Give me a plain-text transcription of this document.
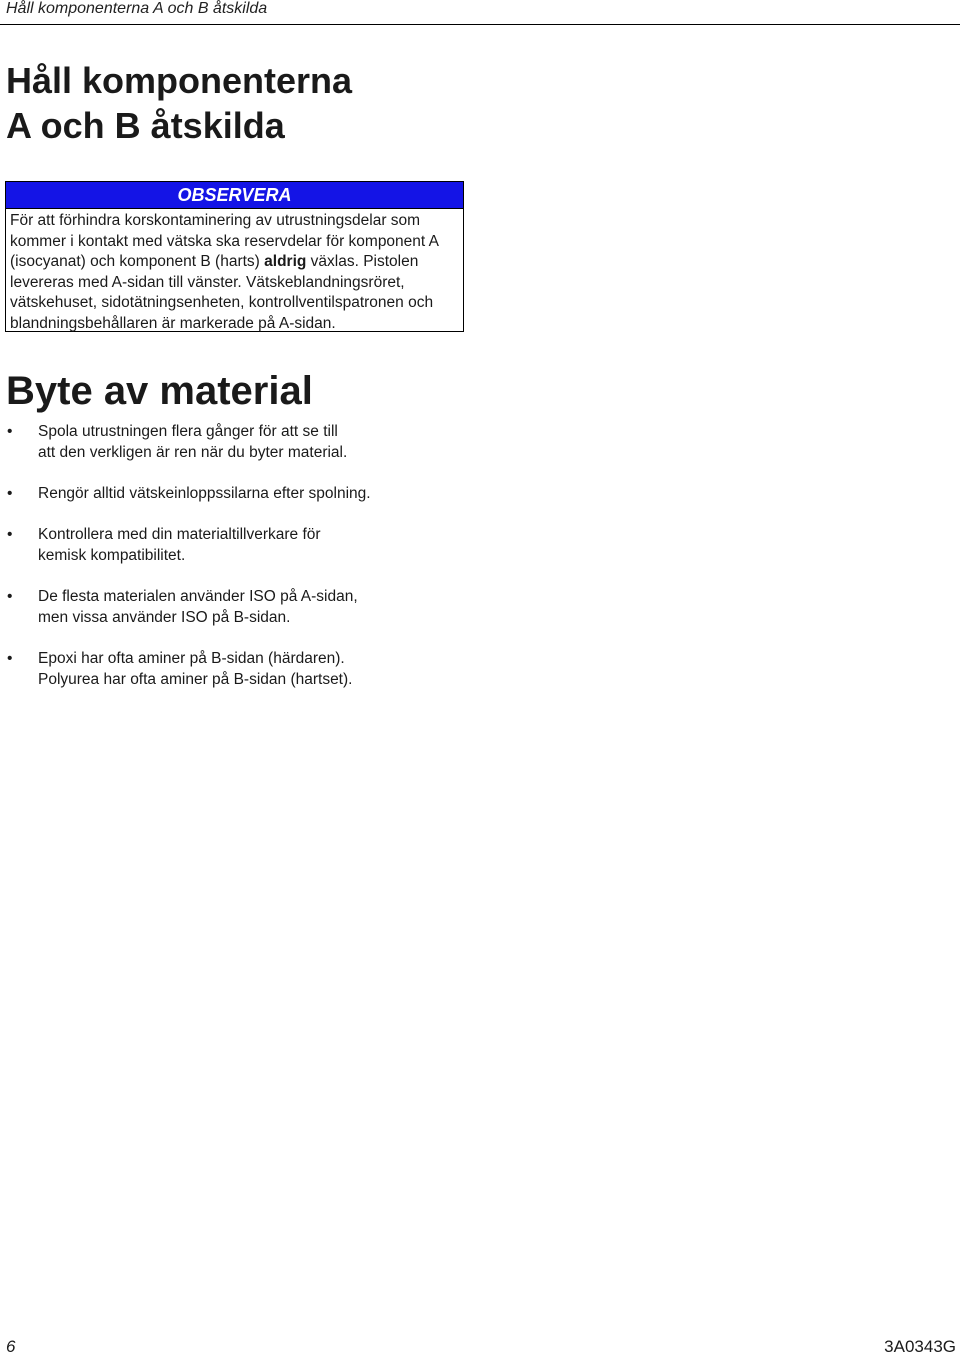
Håll komponenterna A och B åtskilda
Håll komponenterna
A och B åtskilda
OBSERVERA
För att förhindra korskontaminering av utrustningsdelar som kommer i kontakt med vätska ska reservdelar för komponent A (isocyanat) och komponent B (harts) aldrig växlas. Pistolen levereras med A-sidan till vänster. Vätskeblandningsröret, vätskehuset, sidotätningsenheten, kontrollventilspatronen och blandningsbehållaren är markerade på A-sidan.
Byte av material
• Spola utrustningen flera gånger för att se till
att den verkligen är ren när du byter material.
• Rengör alltid vätskeinloppssilarna efter spolning.
• Kontrollera med din materialtillverkare för
kemisk kompatibilitet.
• De flesta materialen använder ISO på A-sidan,
men vissa använder ISO på B-sidan.
• Epoxi har ofta aminer på B-sidan (härdaren).
Polyurea har ofta aminer på B-sidan (hartset).
6	3A0343G
